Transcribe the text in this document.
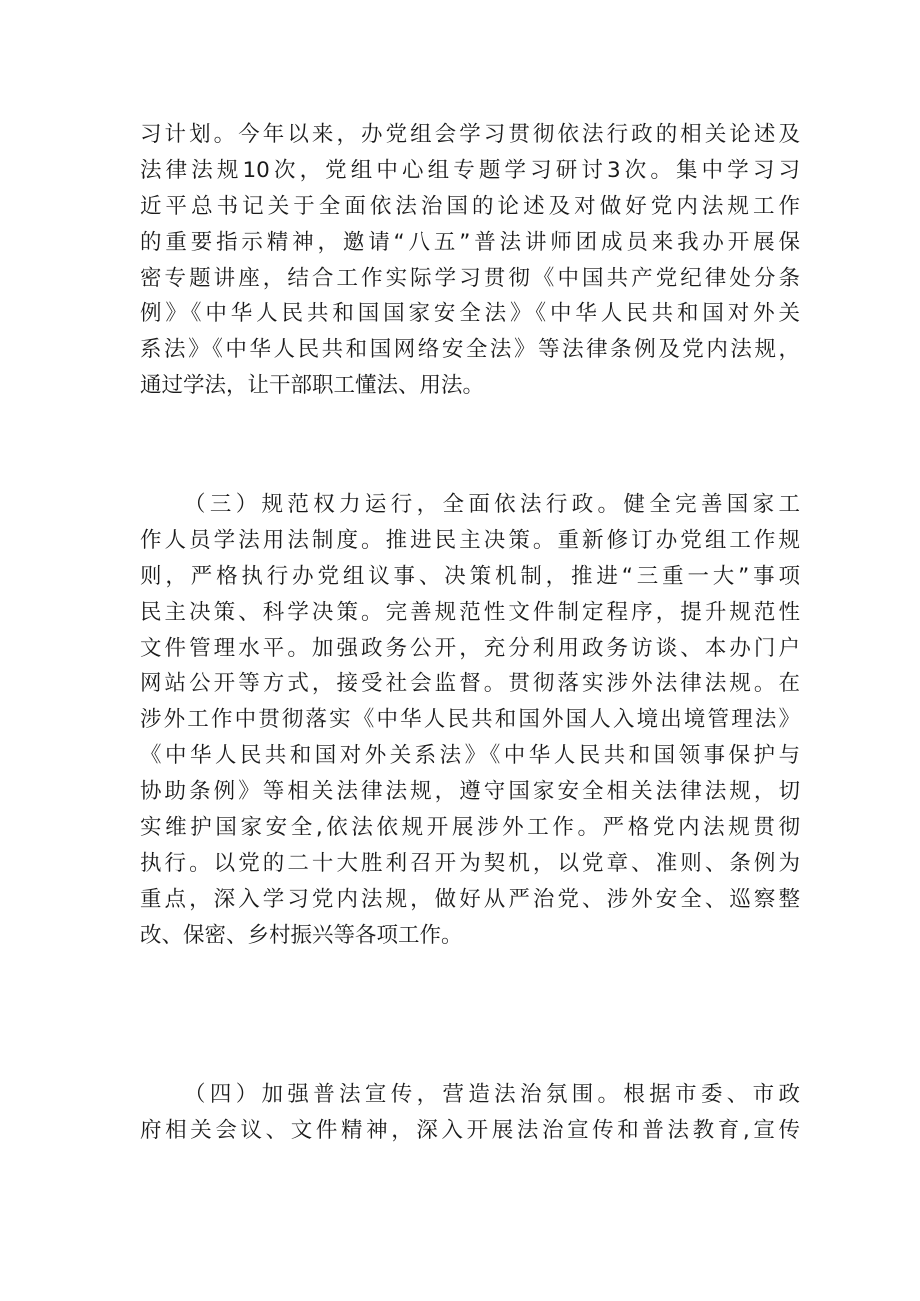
习计划。今年以来，办党组会学习贯彻依法行政的相关论述及
法律法规10次，党组中心组专题学习研讨3次。集中学习习
近平总书记关于全面依法治国的论述及对做好党内法规工作
的重要指示精神，邀请“八五”普法讲师团成员来我办开展保
密专题讲座，结合工作实际学习贯彻《中国共产党纪律处分条
例》《中华人民共和国国家安全法》《中华人民共和国对外关
系法》《中华人民共和国网络安全法》等法律条例及党内法规，
通过学法，让干部职工懂法、用法。
（三）规范权力运行，全面依法行政。健全完善国家工
作人员学法用法制度。推进民主决策。重新修订办党组工作规
则，严格执行办党组议事、决策机制，推进“三重一大”事项
民主决策、科学决策。完善规范性文件制定程序，提升规范性
文件管理水平。加强政务公开，充分利用政务访谈、本办门户
网站公开等方式，接受社会监督。贯彻落实涉外法律法规。在
涉外工作中贯彻落实《中华人民共和国外国人入境出境管理法》
《中华人民共和国对外关系法》《中华人民共和国领事保护与
协助条例》等相关法律法规，遵守国家安全相关法律法规，切
实维护国家安全,依法依规开展涉外工作。严格党内法规贯彻
执行。以党的二十大胜利召开为契机，以党章、准则、条例为
重点，深入学习党内法规，做好从严治党、涉外安全、巡察整
改、保密、乡村振兴等各项工作。
（四）加强普法宣传，营造法治氛围。根据市委、市政
府相关会议、文件精神，深入开展法治宣传和普法教育,宣传
